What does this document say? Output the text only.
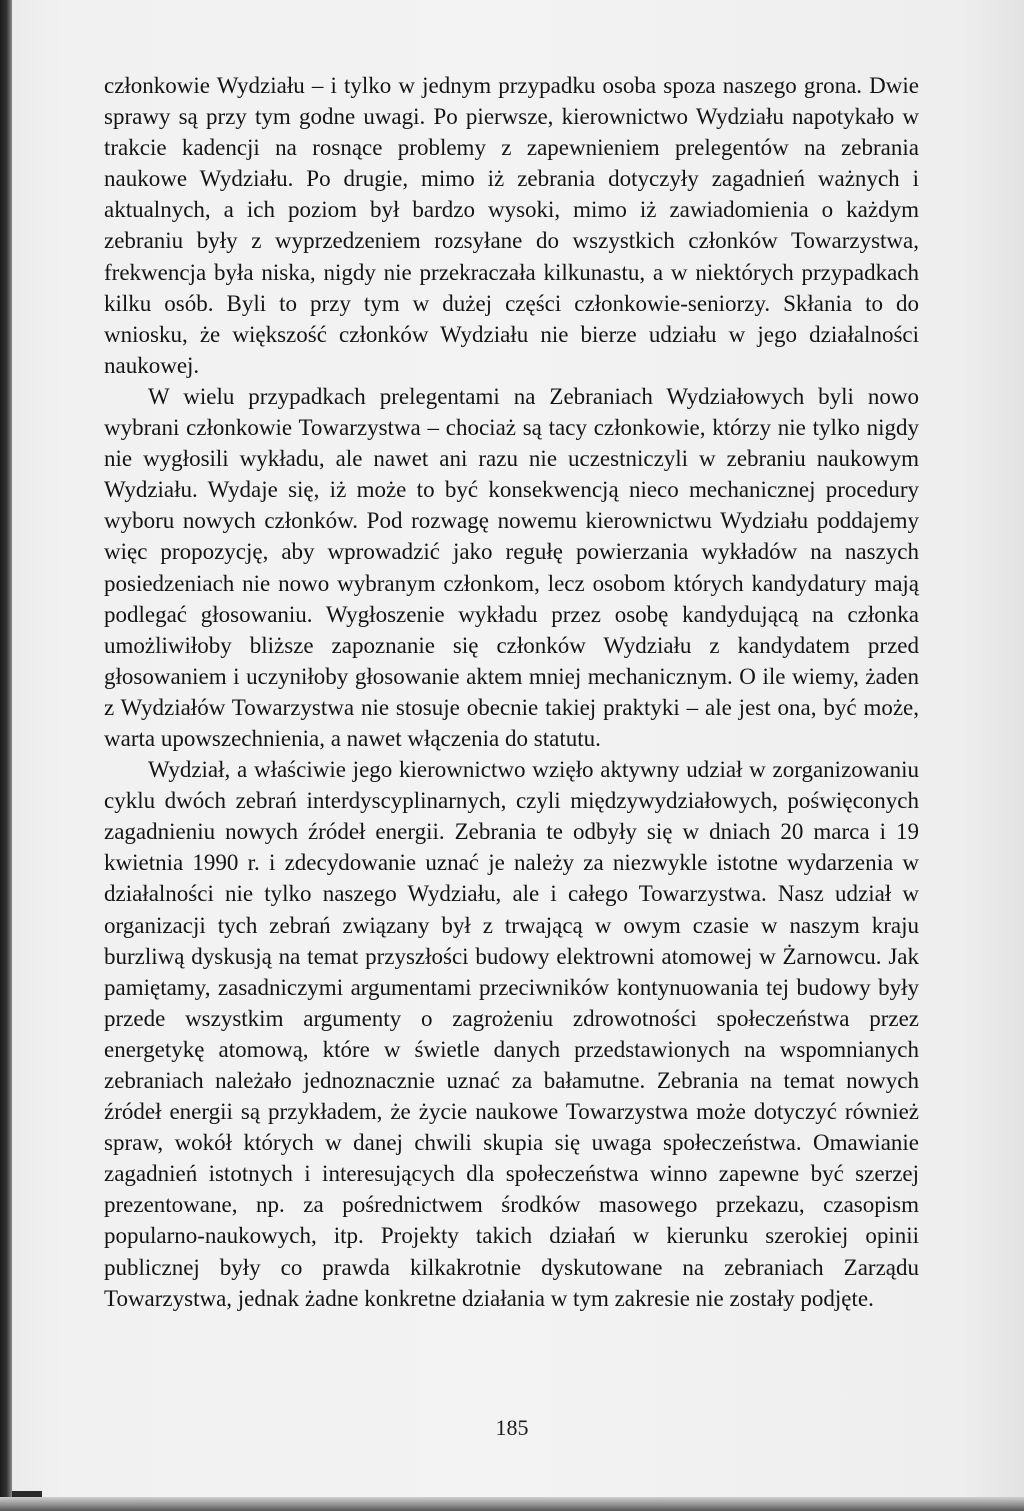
członkowie Wydziału – i tylko w jednym przypadku osoba spoza naszego grona. Dwie sprawy są przy tym godne uwagi. Po pierwsze, kierownictwo Wydziału napotykało w trakcie kadencji na rosnące problemy z zapewnieniem prelegentów na zebrania naukowe Wydziału. Po drugie, mimo iż zebrania dotyczyły zagadnień ważnych i aktualnych, a ich poziom był bardzo wysoki, mimo iż zawiadomienia o każdym zebraniu były z wyprzedzeniem rozsyłane do wszystkich członków Towarzystwa, frekwencja była niska, nigdy nie przekraczała kilkunastu, a w niektórych przypadkach kilku osób. Byli to przy tym w dużej części członkowie-seniorzy. Skłania to do wniosku, że większość członków Wydziału nie bierze udziału w jego działalności naukowej.

W wielu przypadkach prelegentami na Zebraniach Wydziałowych byli nowo wybrani członkowie Towarzystwa – chociaż są tacy członkowie, którzy nie tylko nigdy nie wygłosili wykładu, ale nawet ani razu nie uczestniczyli w zebraniu naukowym Wydziału. Wydaje się, iż może to być konsekwencją nieco mechanicznej procedury wyboru nowych członków. Pod rozwagę nowemu kierownictwu Wydziału poddajemy więc propozycję, aby wprowadzić jako regułę powierzania wykładów na naszych posiedzeniach nie nowo wybranym członkom, lecz osobom których kandydatury mają podlegać głosowaniu. Wygłoszenie wykładu przez osobę kandydującą na członka umożliwiłoby bliższe zapoznanie się członków Wydziału z kandydatem przed głosowaniem i uczyniłoby głosowanie aktem mniej mechanicznym. O ile wiemy, żaden z Wydziałów Towarzystwa nie stosuje obecnie takiej praktyki – ale jest ona, być może, warta upowszechnienia, a nawet włączenia do statutu.

Wydział, a właściwie jego kierownictwo wzięło aktywny udział w zorganizowaniu cyklu dwóch zebrań interdyscyplinarnych, czyli międzywydziałowych, poświęconych zagadnieniu nowych źródeł energii. Zebrania te odbyły się w dniach 20 marca i 19 kwietnia 1990 r. i zdecydowanie uznać je należy za niezwykle istotne wydarzenia w działalności nie tylko naszego Wydziału, ale i całego Towarzystwa. Nasz udział w organizacji tych zebrań związany był z trwającą w owym czasie w naszym kraju burzliwą dyskusją na temat przyszłości budowy elektrowni atomowej w Żarnowcu. Jak pamiętamy, zasadniczymi argumentami przeciwników kontynuowania tej budowy były przede wszystkim argumenty o zagrożeniu zdrowotności społeczeństwa przez energetykę atomową, które w świetle danych przedstawionych na wspomnianych zebraniach należało jednoznacznie uznać za bałamutne. Zebrania na temat nowych źródeł energii są przykładem, że życie naukowe Towarzystwa może dotyczyć również spraw, wokół których w danej chwili skupia się uwaga społeczeństwa. Omawianie zagadnień istotnych i interesujących dla społeczeństwa winno zapewne być szerzej prezentowane, np. za pośrednictwem środków masowego przekazu, czasopism popularno-naukowych, itp. Projekty takich działań w kierunku szerokiej opinii publicznej były co prawda kilkakrotnie dyskutowane na zebraniach Zarządu Towarzystwa, jednak żadne konkretne działania w tym zakresie nie zostały podjęte.

185
